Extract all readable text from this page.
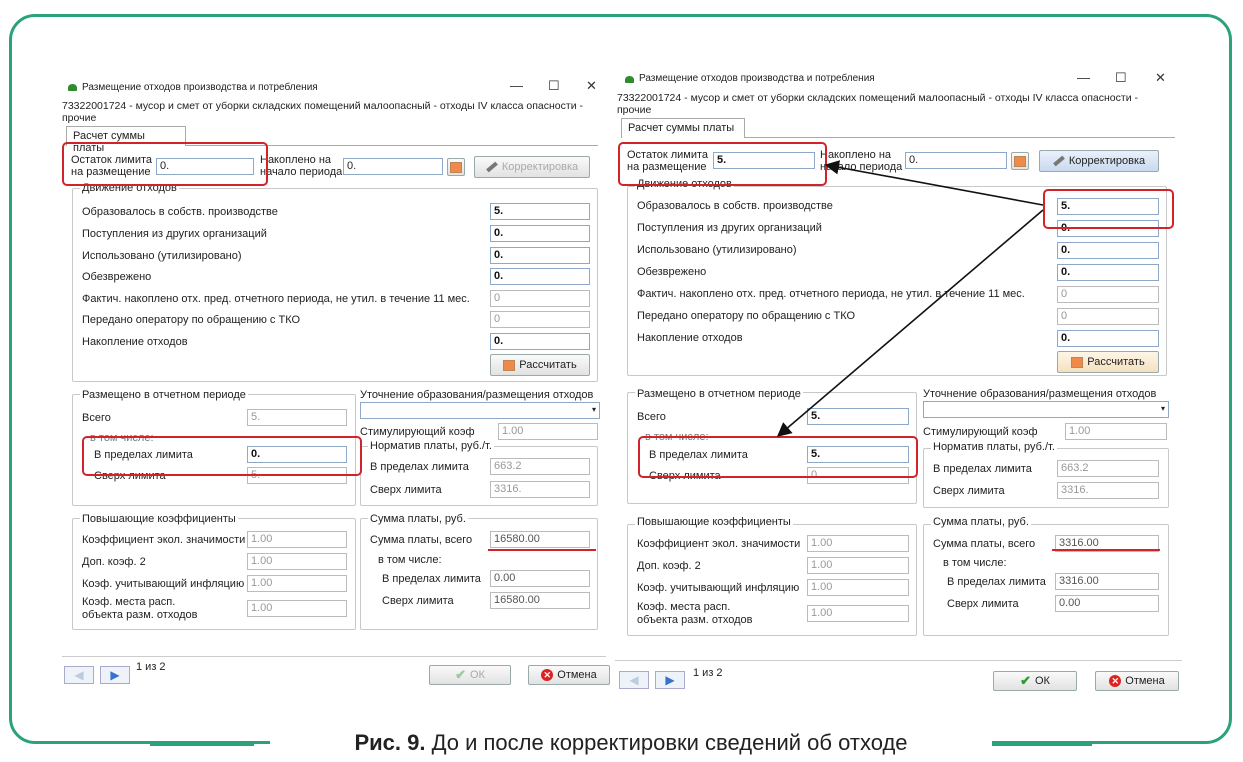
Размещение отходов производства и потребления	— ☐ ✕
73322001724 - мусор и смет от уборки складских помещений малоопасный - отходы IV класса опасности -
прочие
Расчет суммы платы
Остаток лимита
на размещение 0.	Накоплено на
начало периода 0.	Корректировка
Движение отходов
Образовалось в собств. производстве	5.
Поступления из других организаций	0.
Использовано (утилизировано)	0.
Обезврежено	0.
Фактич. накоплено отх. пред. отчетного периода, не утил. в течение 11 мес.	0
Передано оператору по обращению с ТКО	0
Накопление отходов	0.
Рассчитать
Размещено в отчетном периоде
Всего	5.
в том числе:
В пределах лимита	0.
Сверх лимита	5.
Уточнение образования/размещения отходов
▾
Стимулирующий коэф	1.00
Норматив платы, руб./т.
В пределах лимита	663.2
Сверх лимита	3316.
Повышающие коэффициенты
Коэффициент экол. значимости 1.00
Доп. коэф. 2	1.00
Коэф. учитывающий инфляцию 1.00
Коэф. места расп.
объекта разм. отходов
1.00
Сумма платы, руб.
Сумма платы, всего	16580.00
в том числе:
В пределах лимита	0.00
Сверх лимита	16580.00
◀	▶
1 из 2	✔ ОК	✕ Отмена
Размещение отходов производства и потребления	— ☐ ✕
73322001724 - мусор и смет от уборки складских помещений малоопасный - отходы IV класса опасности -
прочие
Расчет суммы платы
Остаток лимита
на размещение
5.	Накоплено на
начало периода
0.	Корректировка
Движение отходов
Образовалось в собств. производстве	5.
Поступления из других организаций	0.
Использовано (утилизировано)	0.
Обезврежено	0.
Фактич. накоплено отх. пред. отчетного периода, не утил. в течение 11 мес.	0
Передано оператору по обращению с ТКО	0
Накопление отходов	0.
Рассчитать
Размещено в отчетном периоде
Всего	5.
в том числе:
В пределах лимита	5.
Сверх лимита	0.
Уточнение образования/размещения отходов
▾
Стимулирующий коэф	1.00
Норматив платы, руб./т.
В пределах лимита	663.2
Сверх лимита	3316.
Повышающие коэффициенты
Коэффициент экол. значимости 1.00
Доп. коэф. 2	1.00
Коэф. учитывающий инфляцию	1.00
Коэф. места расп.
объекта разм. отходов
1.00
Сумма платы, руб.
Сумма платы, всего	3316.00
в том числе:
В пределах лимита	3316.00
Сверх лимита	0.00
◀	▶	1 из 2	✔ ОК	✕ Отмена
Рис. 9. До и после корректировки сведений об отходе
